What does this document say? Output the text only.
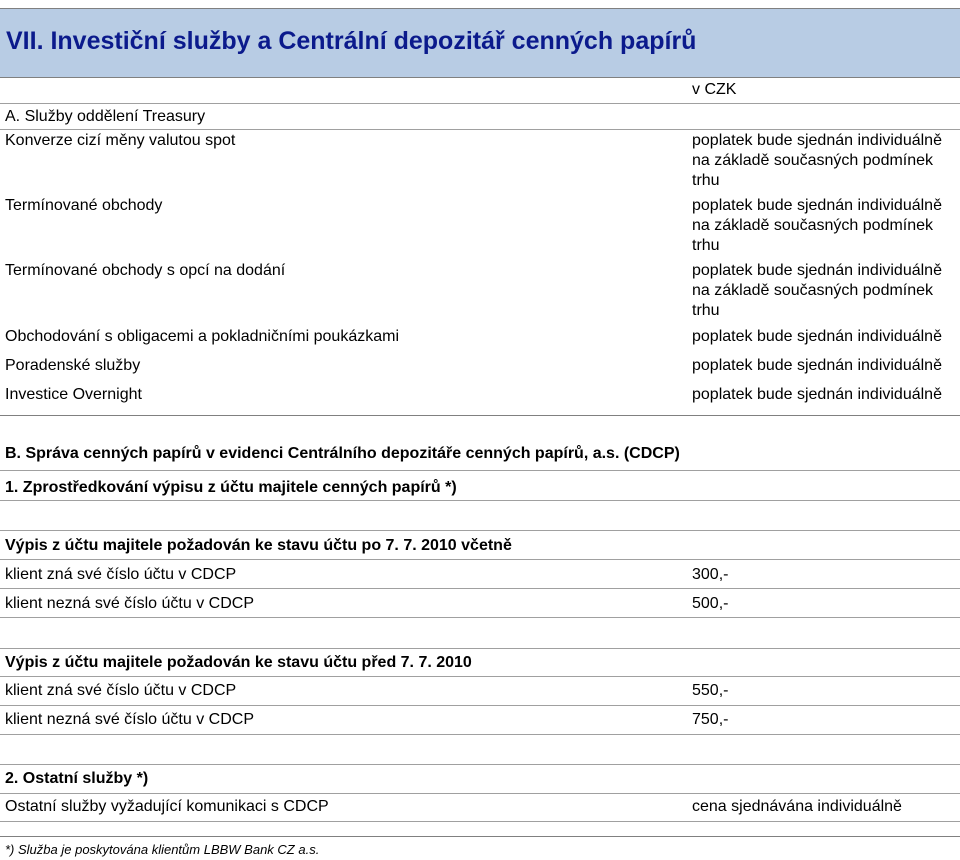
VII. Investiční služby a Centrální depozitář cenných papírů
A. Služby oddělení Treasury
v CZK
Konverze cizí měny valutou spot	poplatek bude sjednán individuálně
na základě současných podmínek
trhu
Termínované obchody	poplatek bude sjednán individuálně
na základě současných podmínek
trhu
Termínované obchody s opcí na dodání	poplatek bude sjednán individuálně
na základě současných podmínek
trhu
Obchodování s obligacemi a pokladničními poukázkami	poplatek bude sjednán individuálně
Poradenské služby	poplatek bude sjednán individuálně
Investice Overnight	poplatek bude sjednán individuálně
B. Správa cenných papírů v evidenci Centrálního depozitáře cenných papírů, a.s. (CDCP)
1. Zprostředkování výpisu z účtu majitele cenných papírů *)
Výpis z účtu majitele požadován ke stavu účtu po 7. 7. 2010 včetně
klient zná své číslo účtu v CDCP	300,-
klient nezná své číslo účtu v CDCP	500,-
Výpis z účtu majitele požadován ke stavu účtu před 7. 7. 2010
klient zná své číslo účtu v CDCP	550,-
klient nezná své číslo účtu v CDCP	750,-
2. Ostatní služby *)
Ostatní služby vyžadující komunikaci s CDCP	cena sjednávána individuálně
*) Služba je poskytována klientům LBBW Bank CZ a.s.
